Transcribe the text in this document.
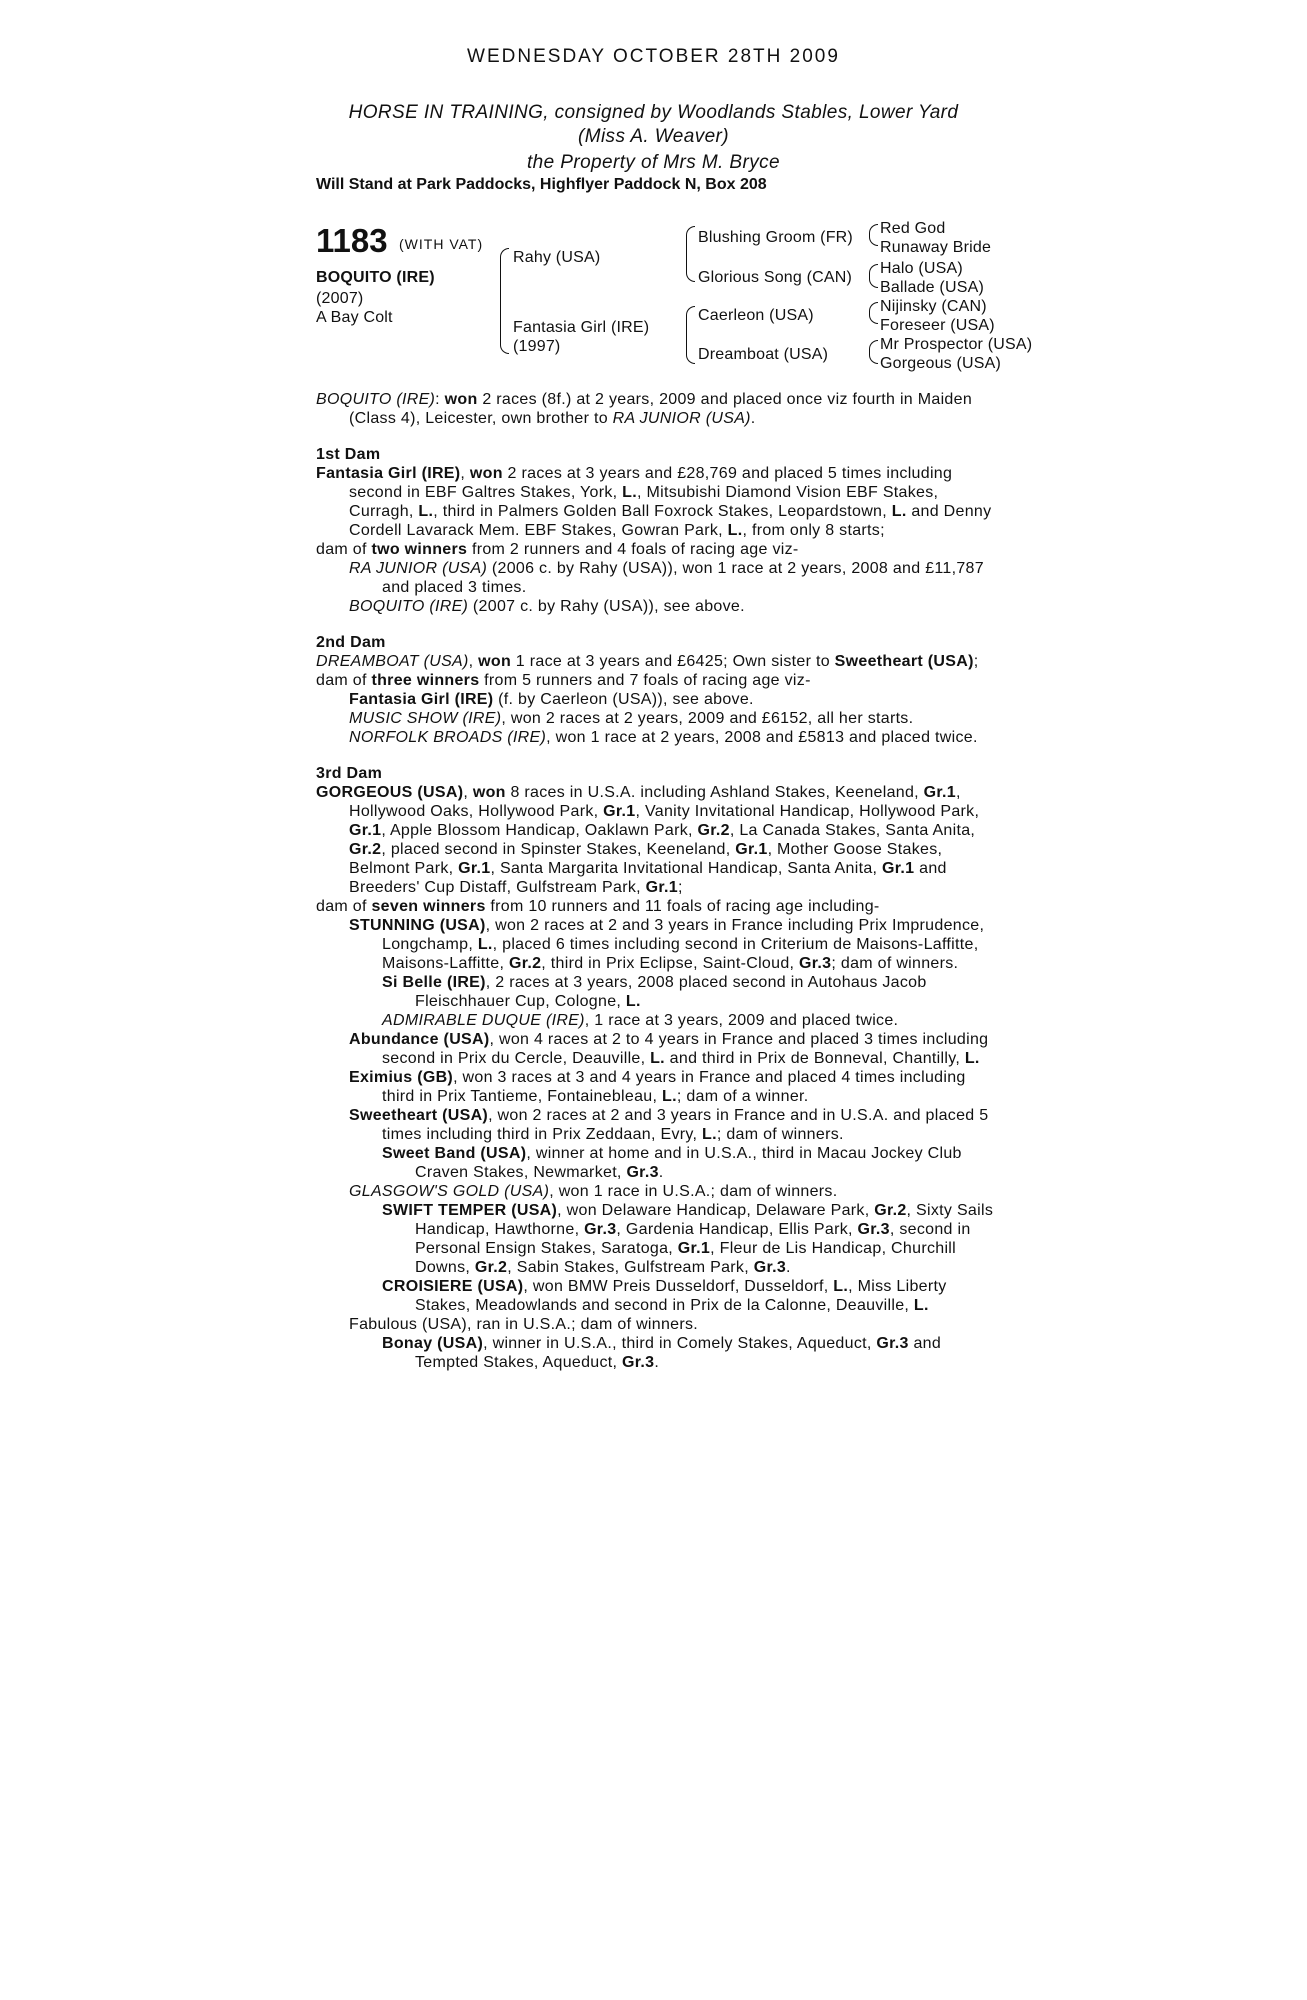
WEDNESDAY OCTOBER 28TH 2009
HORSE IN TRAINING, consigned by Woodlands Stables, Lower Yard
(Miss A. Weaver)
the Property of Mrs M. Bryce
Will Stand at Park Paddocks, Highflyer Paddock N, Box 208
1183 (WITH VAT)
BOQUITO (IRE)
(2007)
A Bay Colt
Rahy (USA)
Fantasia Girl (IRE)
(1997)
Blushing Groom (FR)
Glorious Song (CAN)
Caerleon (USA)
Dreamboat (USA)
Red God
Runaway Bride
Halo (USA)
Ballade (USA)
Nijinsky (CAN)
Foreseer (USA)
Mr Prospector (USA)
Gorgeous (USA)

BOQUITO (IRE): won 2 races (8f.) at 2 years, 2009 and placed once viz fourth in Maiden (Class 4), Leicester, own brother to RA JUNIOR (USA).

1st Dam

Fantasia Girl (IRE), won 2 races at 3 years and £28,769 and placed 5 times including second in EBF Galtres Stakes, York, L., Mitsubishi Diamond Vision EBF Stakes, Curragh, L., third in Palmers Golden Ball Foxrock Stakes, Leopardstown, L. and Denny Cordell Lavarack Mem. EBF Stakes, Gowran Park, L., from only 8 starts;

dam of two winners from 2 runners and 4 foals of racing age viz-

RA JUNIOR (USA) (2006 c. by Rahy (USA)), won 1 race at 2 years, 2008 and £11,787 and placed 3 times.

BOQUITO (IRE) (2007 c. by Rahy (USA)), see above.

2nd Dam

DREAMBOAT (USA), won 1 race at 3 years and £6425; Own sister to Sweetheart (USA);

dam of three winners from 5 runners and 7 foals of racing age viz-

Fantasia Girl (IRE) (f. by Caerleon (USA)), see above.

MUSIC SHOW (IRE), won 2 races at 2 years, 2009 and £6152, all her starts.

NORFOLK BROADS (IRE), won 1 race at 2 years, 2008 and £5813 and placed twice.

3rd Dam

GORGEOUS (USA), won 8 races in U.S.A. including Ashland Stakes, Keeneland, Gr.1, Hollywood Oaks, Hollywood Park, Gr.1, Vanity Invitational Handicap, Hollywood Park, Gr.1, Apple Blossom Handicap, Oaklawn Park, Gr.2, La Canada Stakes, Santa Anita, Gr.2, placed second in Spinster Stakes, Keeneland, Gr.1, Mother Goose Stakes, Belmont Park, Gr.1, Santa Margarita Invitational Handicap, Santa Anita, Gr.1 and Breeders' Cup Distaff, Gulfstream Park, Gr.1;

dam of seven winners from 10 runners and 11 foals of racing age including-

STUNNING (USA), won 2 races at 2 and 3 years in France including Prix Imprudence, Longchamp, L., placed 6 times including second in Criterium de Maisons-Laffitte, Maisons-Laffitte, Gr.2, third in Prix Eclipse, Saint-Cloud, Gr.3; dam of winners.

Si Belle (IRE), 2 races at 3 years, 2008 placed second in Autohaus Jacob Fleischhauer Cup, Cologne, L.

ADMIRABLE DUQUE (IRE), 1 race at 3 years, 2009 and placed twice.

Abundance (USA), won 4 races at 2 to 4 years in France and placed 3 times including second in Prix du Cercle, Deauville, L. and third in Prix de Bonneval, Chantilly, L.

Eximius (GB), won 3 races at 3 and 4 years in France and placed 4 times including third in Prix Tantieme, Fontainebleau, L.; dam of a winner.

Sweetheart (USA), won 2 races at 2 and 3 years in France and in U.S.A. and placed 5 times including third in Prix Zeddaan, Evry, L.; dam of winners.

Sweet Band (USA), winner at home and in U.S.A., third in Macau Jockey Club Craven Stakes, Newmarket, Gr.3.

GLASGOW'S GOLD (USA), won 1 race in U.S.A.; dam of winners.

SWIFT TEMPER (USA), won Delaware Handicap, Delaware Park, Gr.2, Sixty Sails Handicap, Hawthorne, Gr.3, Gardenia Handicap, Ellis Park, Gr.3, second in Personal Ensign Stakes, Saratoga, Gr.1, Fleur de Lis Handicap, Churchill Downs, Gr.2, Sabin Stakes, Gulfstream Park, Gr.3.

CROISIERE (USA), won BMW Preis Dusseldorf, Dusseldorf, L., Miss Liberty Stakes, Meadowlands and second in Prix de la Calonne, Deauville, L.

Fabulous (USA), ran in U.S.A.; dam of winners.

Bonay (USA), winner in U.S.A., third in Comely Stakes, Aqueduct, Gr.3 and Tempted Stakes, Aqueduct, Gr.3.
